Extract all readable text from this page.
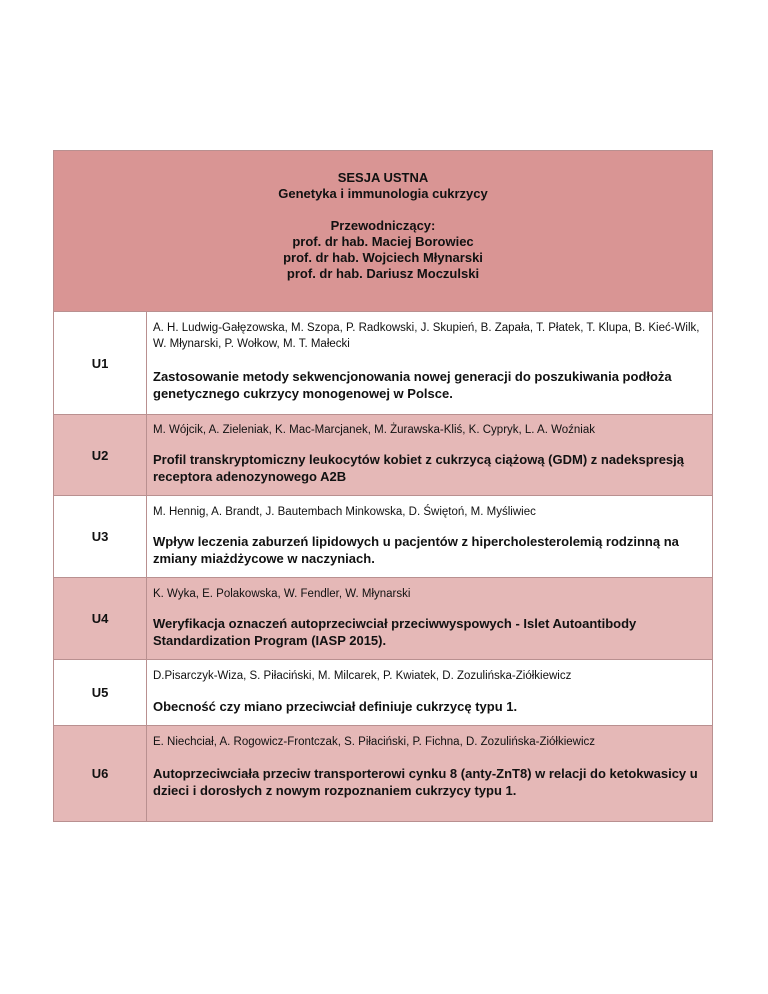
SESJA USTNA
Genetyka i immunologia cukrzycy
Przewodniczący:
prof. dr hab. Maciej Borowiec
prof. dr hab. Wojciech Młynarski
prof. dr hab. Dariusz Moczulski
U1
A. H. Ludwig-Gałęzowska, M. Szopa, P. Radkowski, J. Skupień, B. Zapała, T. Płatek, T. Klupa, B. Kieć-Wilk, W. Młynarski, P. Wołkow, M. T. Małecki
Zastosowanie metody sekwencjonowania nowej generacji do poszukiwania podłoża genetycznego cukrzycy monogenowej w Polsce.
U2
M. Wójcik, A. Zieleniak, K. Mac-Marcjanek, M. Żurawska-Kliś, K. Cypryk, L. A. Woźniak
Profil transkryptomiczny leukocytów kobiet z cukrzycą ciążową (GDM) z nadekspresją receptora adenozynowego A2B
U3
M. Hennig, A. Brandt, J. Bautembach Minkowska, D. Świętoń, M. Myśliwiec
Wpływ leczenia zaburzeń lipidowych u pacjentów z hipercholesterolemią rodzinną na zmiany miażdżycowe w naczyniach.
U4
K. Wyka, E. Polakowska, W. Fendler, W. Młynarski
Weryfikacja oznaczeń autoprzeciwciał przeciwwyspowych - Islet Autoantibody Standardization Program (IASP 2015).
U5
D.Pisarczyk-Wiza, S. Piłaciński, M. Milcarek, P. Kwiatek, D. Zozulińska-Ziółkiewicz
Obecność czy miano przeciwciał definiuje cukrzycę typu 1.
U6
E. Niechciał, A. Rogowicz-Frontczak, S. Piłaciński, P. Fichna, D. Zozulińska-Ziółkiewicz
Autoprzeciwciała przeciw transporterowi cynku 8 (anty-ZnT8) w relacji do ketokwasicy u dzieci i dorosłych z nowym rozpoznaniem cukrzycy typu 1.
